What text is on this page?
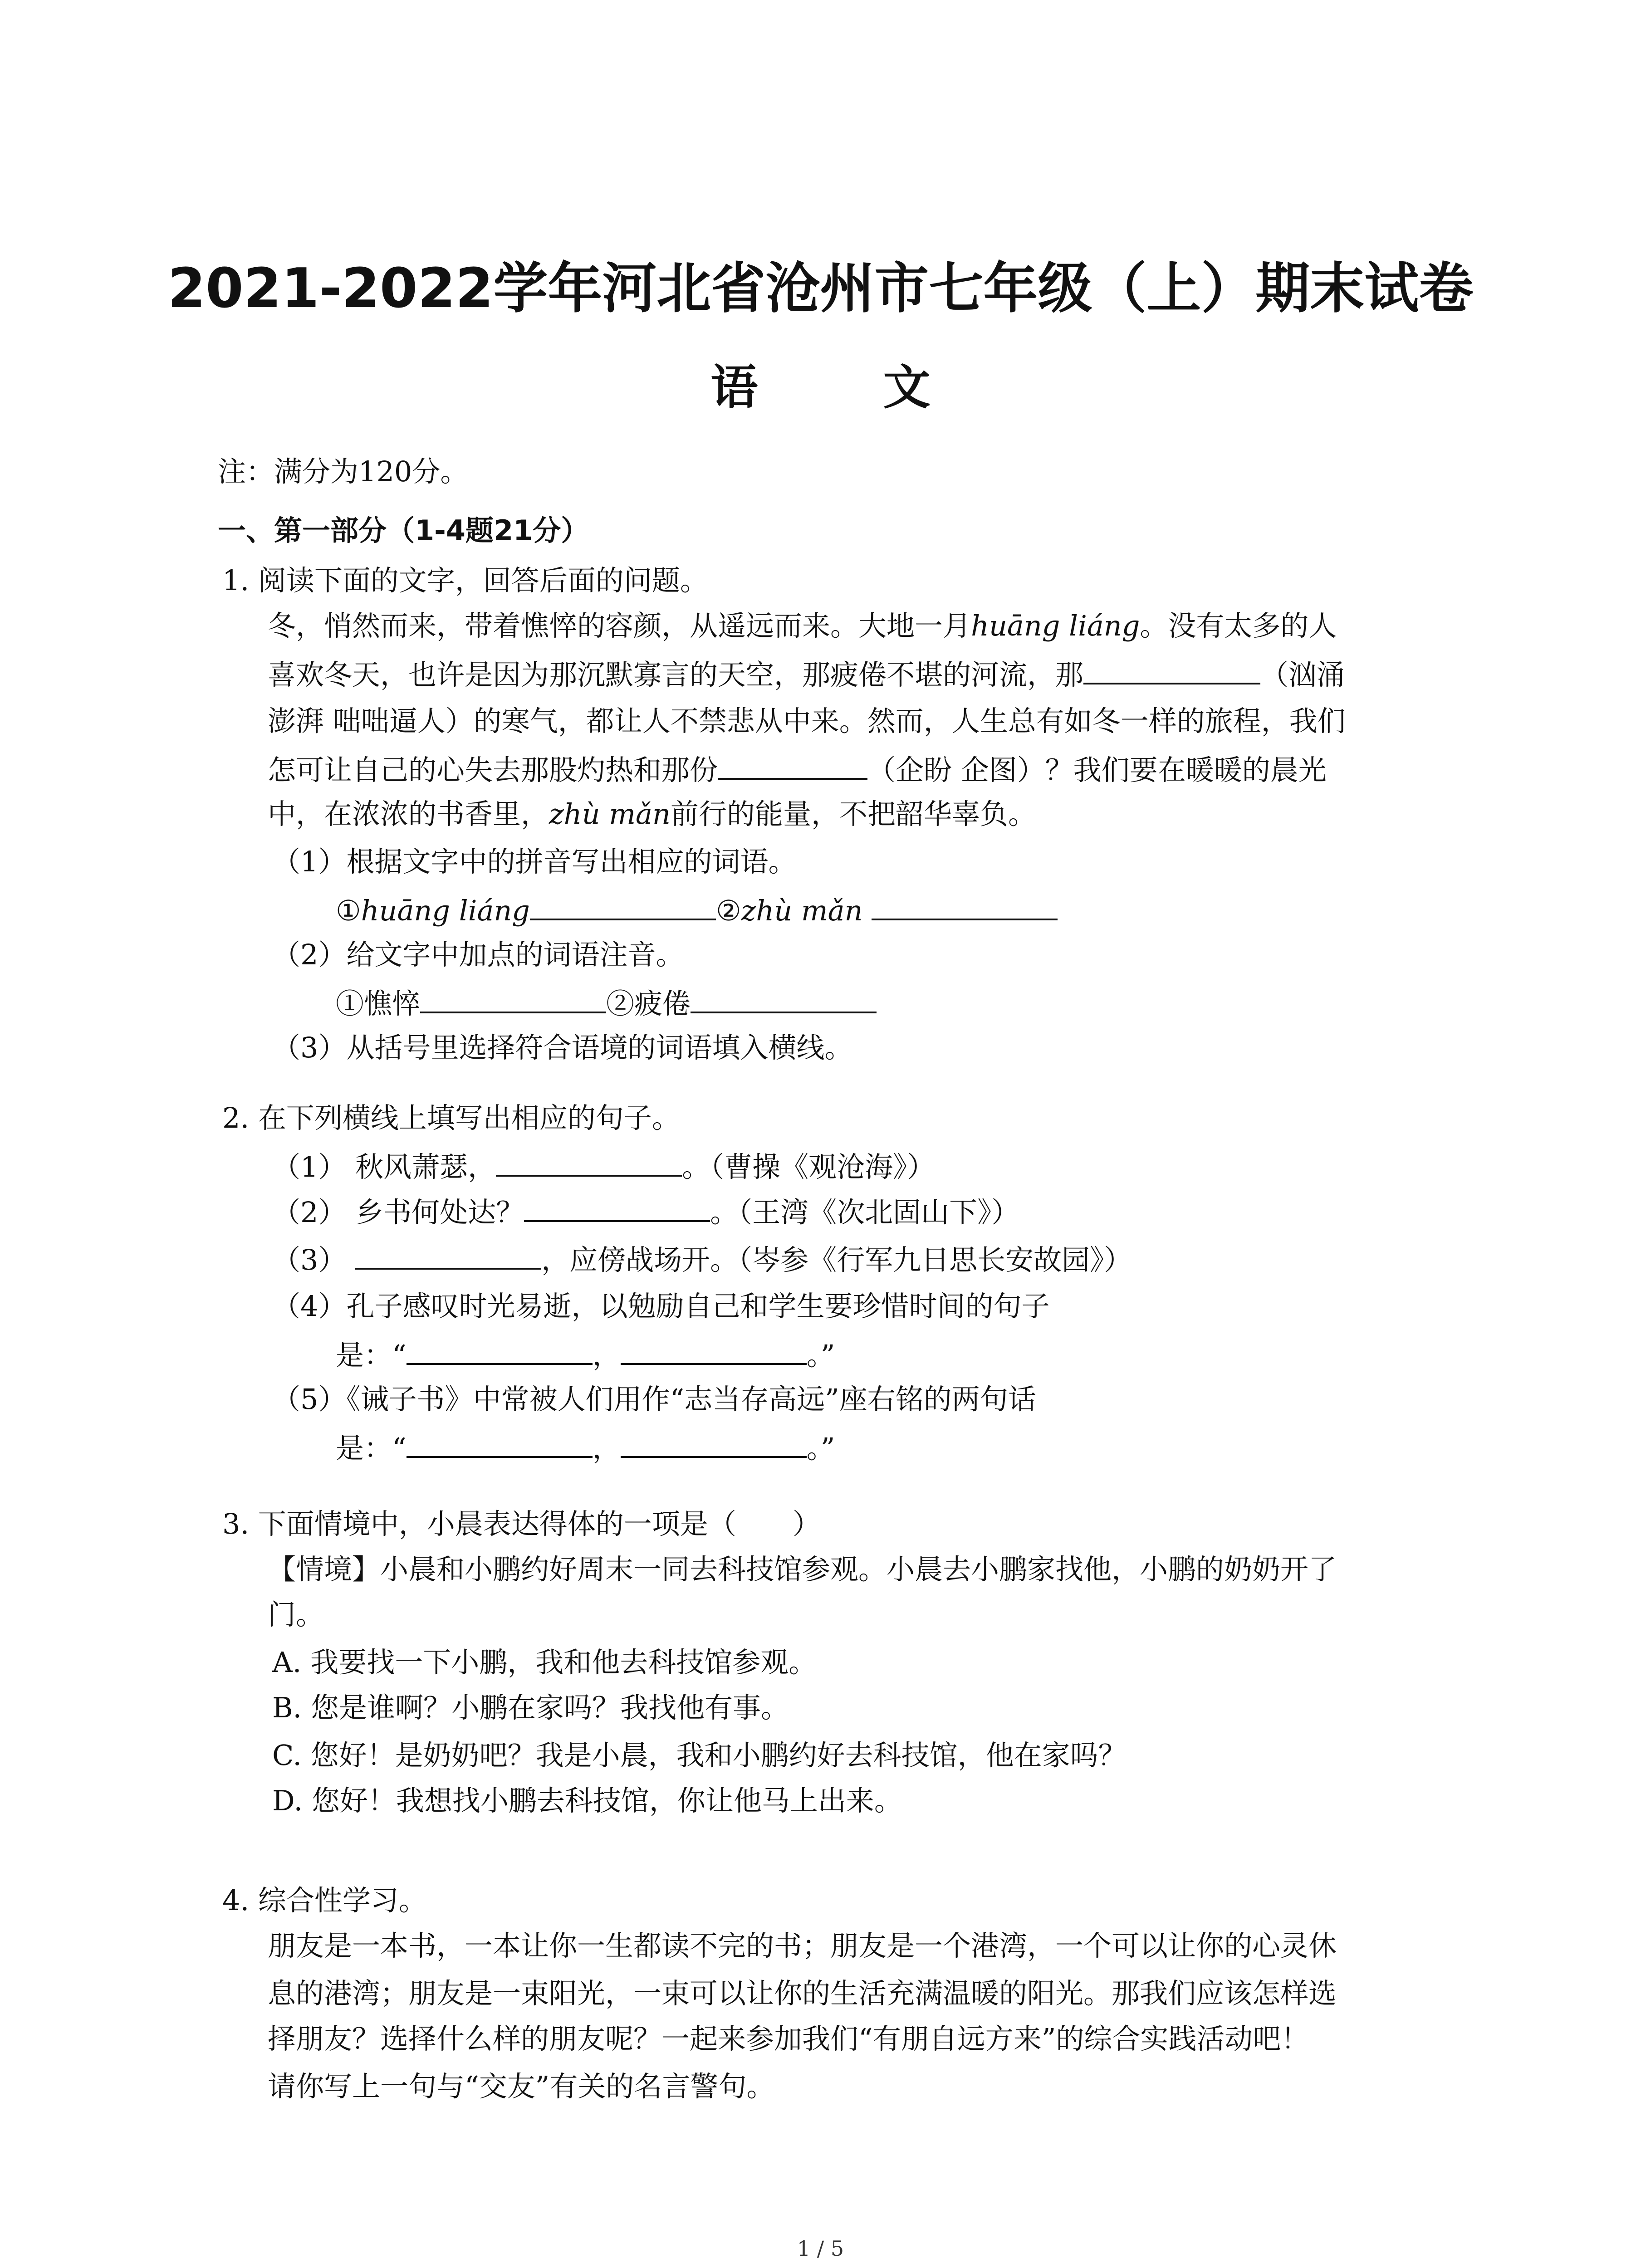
2021-2022学年河北省沧州市七年级（上）期末试卷
语 文
注：满分为120分。
一、第一部分（1-4题21分）
1. 阅读下面的文字，回答后面的问题。
冬，悄然而来，带着憔悴的容颜，从遥远而来。大地一月huāng liáng。没有太多的人
喜欢冬天，也许是因为那沉默寡言的天空，那疲倦不堪的河流，那	（汹涌
澎湃 咄咄逼人）的寒气，都让人不禁悲从中来。然而，人生总有如冬一样的旅程，我们
怎可让自己的心失去那股灼热和那份	（企盼 企图）？我们要在暖暖的晨光
中，在浓浓的书香里，zhù mǎn前行的能量，不把韶华辜负。
（1）根据文字中的拼音写出相应的词语。
①huāng liáng	②zhù mǎn
（2）给文字中加点的词语注音。
①憔悴	②疲倦
（3）从括号里选择符合语境的词语填入横线。
2. 在下列横线上填写出相应的句子。
（1） 秋风萧瑟，	。（曹操《观沧海》）
（2） 乡书何处达？	。（王湾《次北固山下》）
（3）	，应傍战场开。（岑参《行军九日思长安故园》）
（4）孔子感叹时光易逝，以勉励自己和学生要珍惜时间的句子
是：“	，	。”
（5）《诫子书》中常被人们用作“志当存高远”座右铭的两句话
是：“	，	。”
3. 下面情境中，小晨表达得体的一项是（　　）
【情境】小晨和小鹏约好周末一同去科技馆参观。小晨去小鹏家找他，小鹏的奶奶开了
门。
A. 我要找一下小鹏，我和他去科技馆参观。
B. 您是谁啊？小鹏在家吗？我找他有事。
C. 您好！是奶奶吧？我是小晨，我和小鹏约好去科技馆，他在家吗？
D. 您好！我想找小鹏去科技馆，你让他马上出来。
4. 综合性学习。
朋友是一本书，一本让你一生都读不完的书；朋友是一个港湾，一个可以让你的心灵休
息的港湾；朋友是一束阳光，一束可以让你的生活充满温暖的阳光。那我们应该怎样选
择朋友？选择什么样的朋友呢？一起来参加我们“有朋自远方来”的综合实践活动吧！
请你写上一句与“交友”有关的名言警句。
1 / 5
